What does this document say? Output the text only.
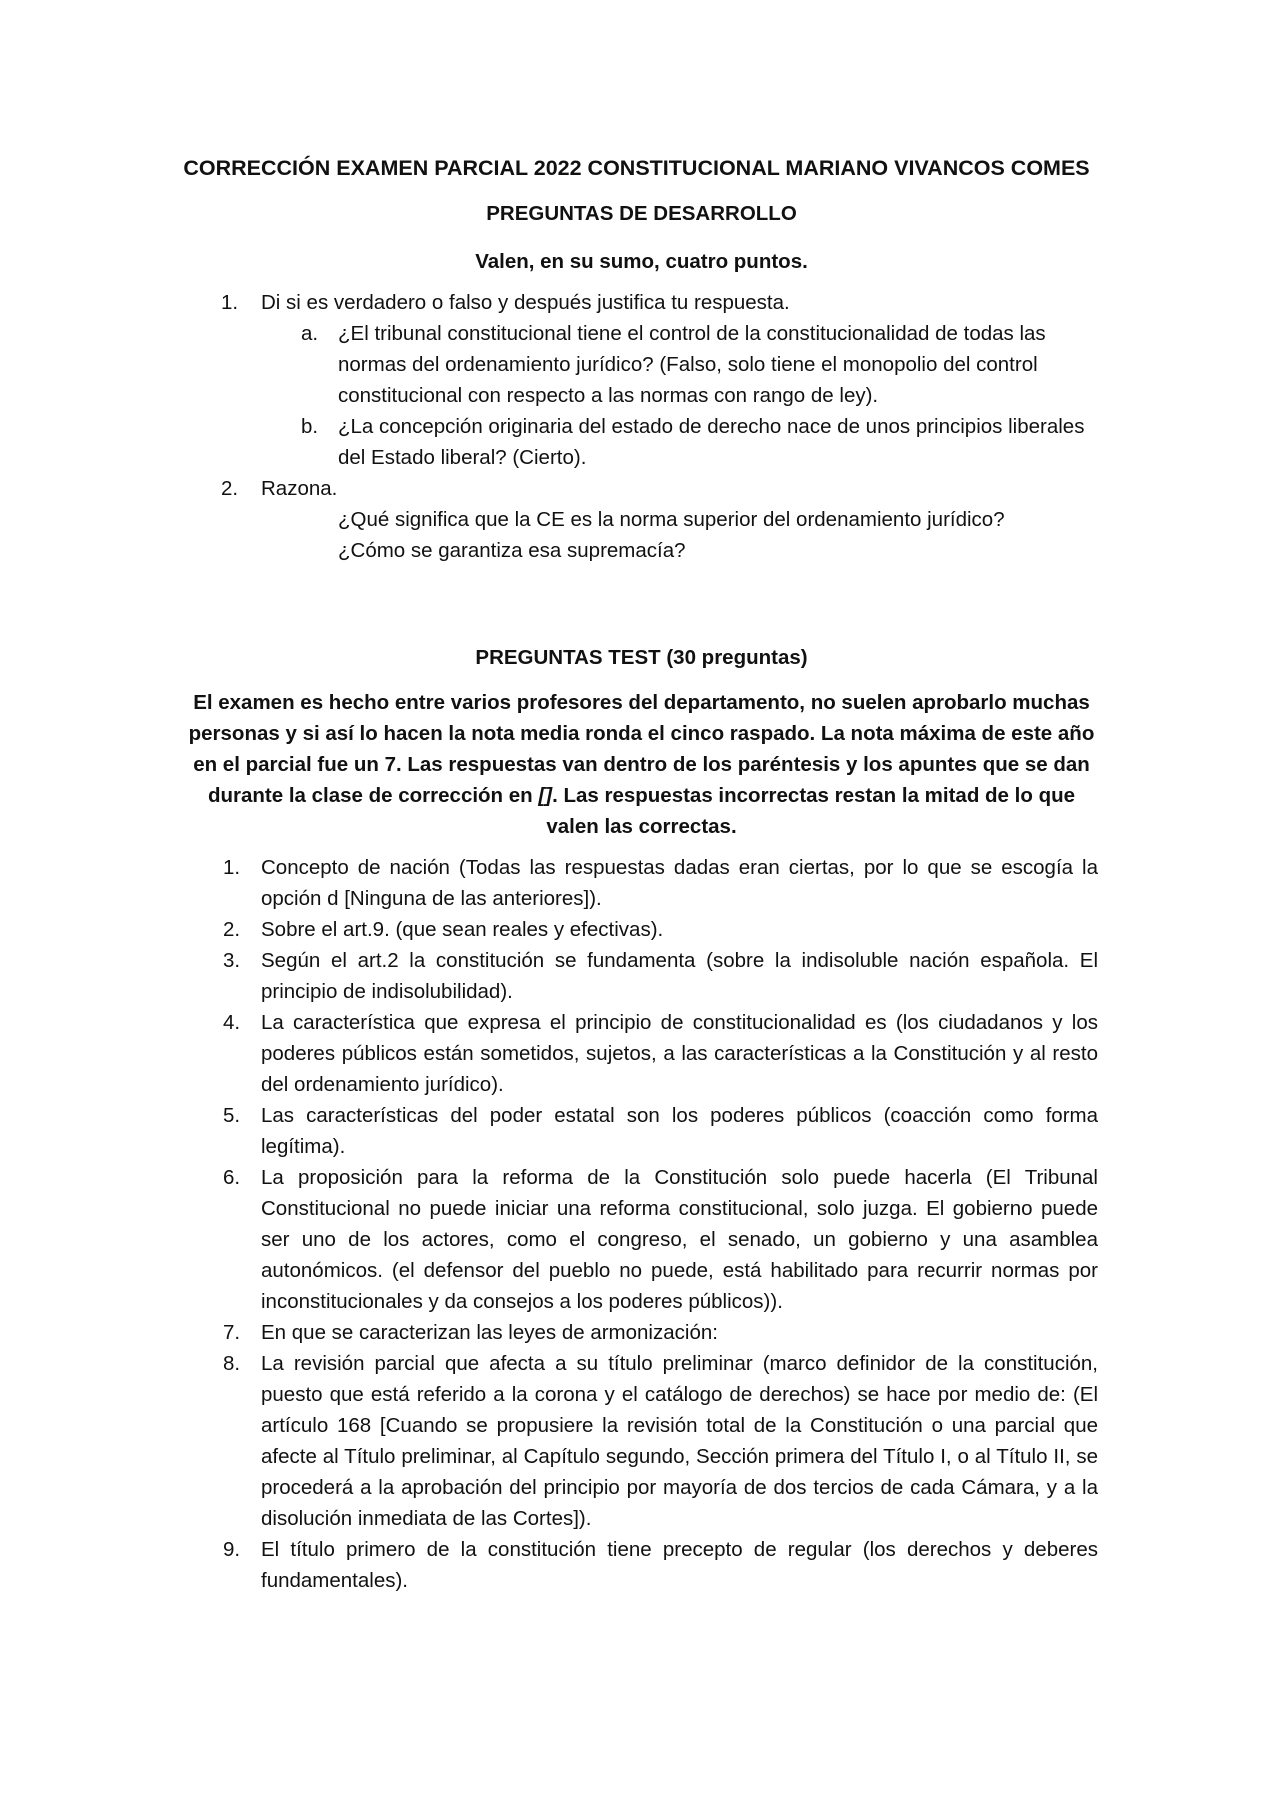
CORRECCIÓN EXAMEN PARCIAL 2022 CONSTITUCIONAL MARIANO VIVANCOS COMES
PREGUNTAS DE DESARROLLO
Valen, en su sumo, cuatro puntos.
1.	Di si es verdadero o falso y después justifica tu respuesta.
a. ¿El tribunal constitucional tiene el control de la constitucionalidad de todas las normas del ordenamiento jurídico? (Falso, solo tiene el monopolio del control constitucional con respecto a las normas con rango de ley).
b. ¿La concepción originaria del estado de derecho nace de unos principios liberales del Estado liberal? (Cierto).
2.	Razona.
¿Qué significa que la CE es la norma superior del ordenamiento jurídico?
¿Cómo se garantiza esa supremacía?
PREGUNTAS TEST (30 preguntas)
El examen es hecho entre varios profesores del departamento, no suelen aprobarlo muchas personas y si así lo hacen la nota media ronda el cinco raspado. La nota máxima de este año en el parcial fue un 7. Las respuestas van dentro de los paréntesis y los apuntes que se dan durante la clase de corrección en []. Las respuestas incorrectas restan la mitad de lo que valen las correctas.
1.	Concepto de nación (Todas las respuestas dadas eran ciertas, por lo que se escogía la opción d [Ninguna de las anteriores]).
2.	Sobre el art.9. (que sean reales y efectivas).
3.	Según el art.2 la constitución se fundamenta (sobre la indisoluble nación española. El principio de indisolubilidad).
4.	La característica que expresa el principio de constitucionalidad es (los ciudadanos y los poderes públicos están sometidos, sujetos, a las características a la Constitución y al resto del ordenamiento jurídico).
5.	Las características del poder estatal son los poderes públicos (coacción como forma legítima).
6.	La proposición para la reforma de la Constitución solo puede hacerla (El Tribunal Constitucional no puede iniciar una reforma constitucional, solo juzga. El gobierno puede ser uno de los actores, como el congreso, el senado, un gobierno y una asamblea autonómicos. (el defensor del pueblo no puede, está habilitado para recurrir normas por inconstitucionales y da consejos a los poderes públicos)).
7.	En que se caracterizan las leyes de armonización:
8.	La revisión parcial que afecta a su título preliminar (marco definidor de la constitución, puesto que está referido a la corona y el catálogo de derechos) se hace por medio de: (El artículo 168 [Cuando se propusiere la revisión total de la Constitución o una parcial que afecte al Título preliminar, al Capítulo segundo, Sección primera del Título I, o al Título II, se procederá a la aprobación del principio por mayoría de dos tercios de cada Cámara, y a la disolución inmediata de las Cortes]).
9.	El título primero de la constitución tiene precepto de regular (los derechos y deberes fundamentales).
